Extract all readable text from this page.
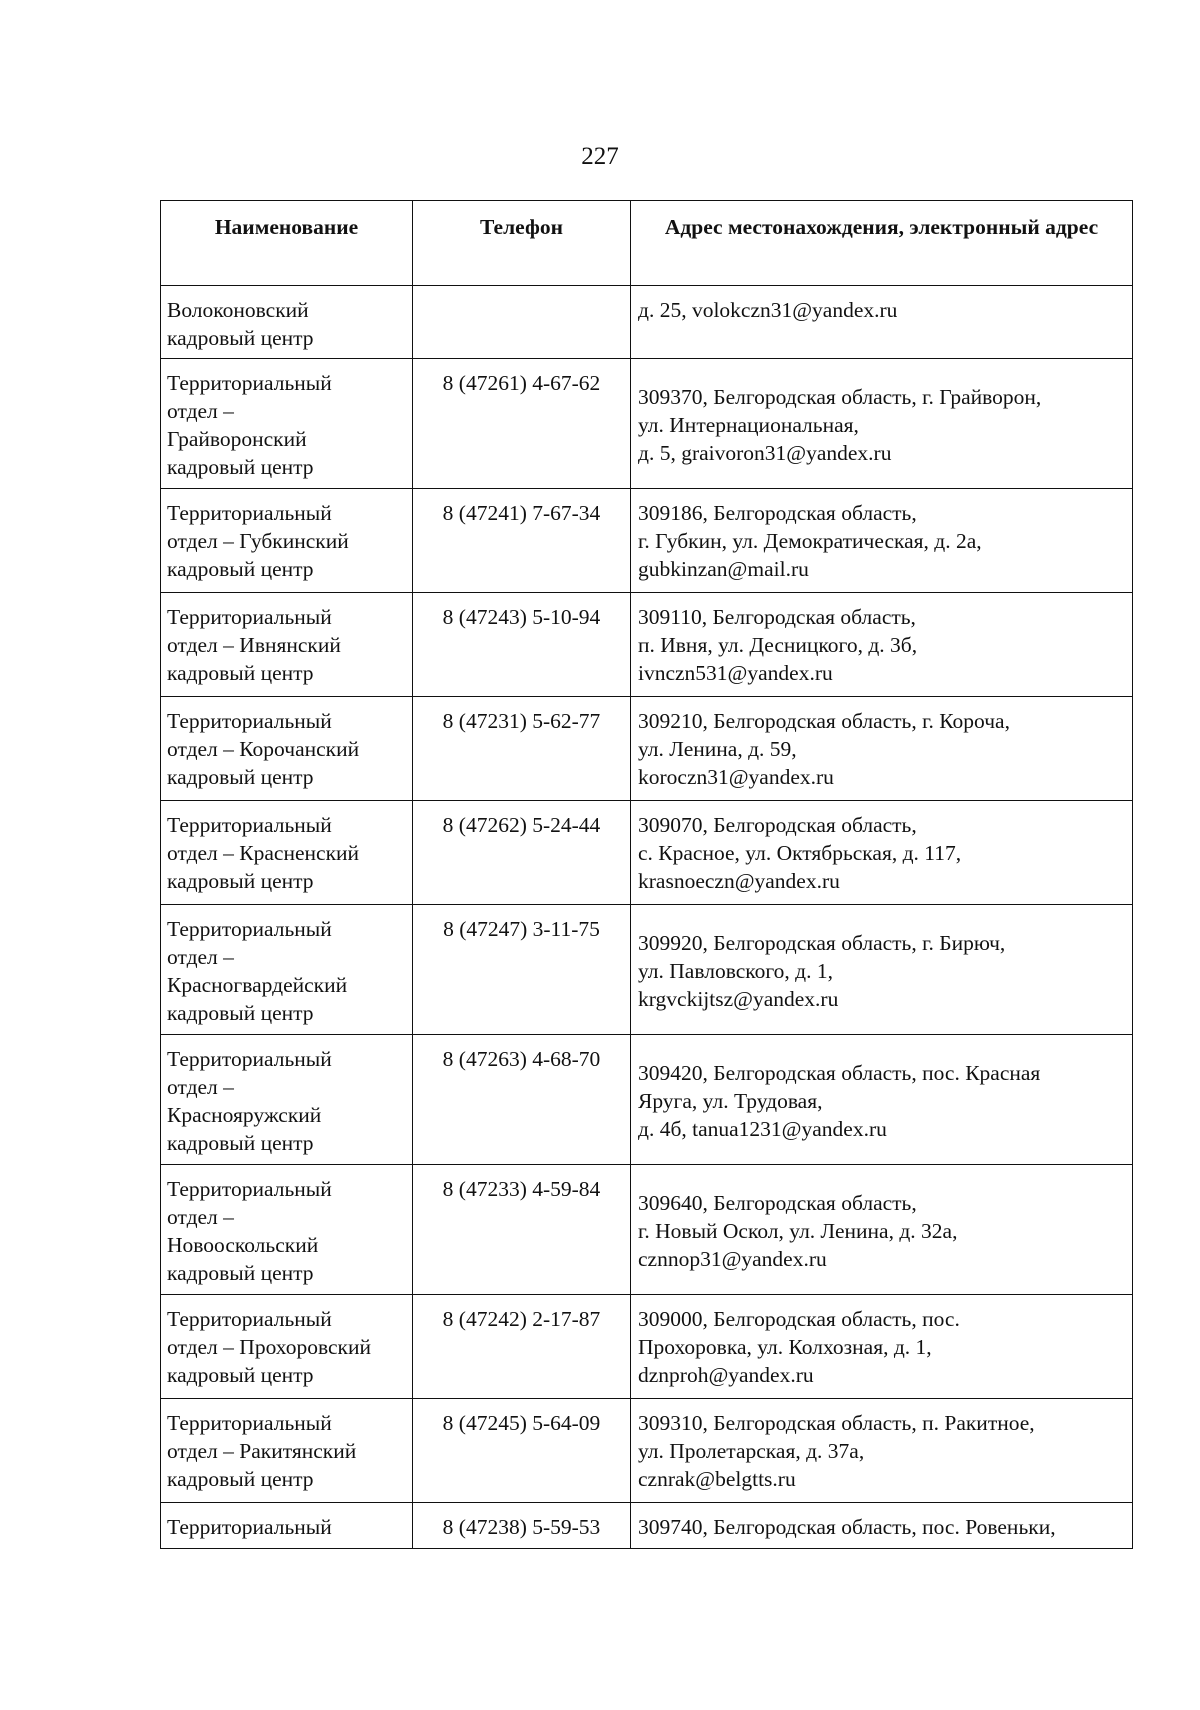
227
Наименование	Телефон	Адрес местонахождения, электронный адрес

Волоконовский
кадровый центр		д. 25, volokczn31@yandex.ru

Территориальный
отдел –
Грайворонский
кадровый центр	8 (47261) 4-67-62	309370, Белгородская область, г. Грайворон,
ул. Интернациональная,
д. 5, graivoron31@yandex.ru

Территориальный
отдел – Губкинский
кадровый центр	8 (47241) 7-67-34	309186, Белгородская область,
г. Губкин, ул. Демократическая, д. 2а,
gubkinzan@mail.ru

Территориальный
отдел – Ивнянский
кадровый центр	8 (47243) 5-10-94	309110, Белгородская область,
п. Ивня, ул. Десницкого, д. 3б,
ivnczn531@yandex.ru

Территориальный
отдел – Корочанский
кадровый центр	8 (47231) 5-62-77	309210, Белгородская область, г. Короча,
ул. Ленина, д. 59,
koroczn31@yandex.ru

Территориальный
отдел – Красненский
кадровый центр	8 (47262) 5-24-44	309070, Белгородская область,
с. Красное, ул. Октябрьская, д. 117,
krasnoeczn@yandex.ru

Территориальный
отдел –
Красногвардейский
кадровый центр	8 (47247) 3-11-75	309920, Белгородская область, г. Бирюч,
ул. Павловского, д. 1,
krgvckijtsz@yandex.ru

Территориальный
отдел –
Краснояружский
кадровый центр	8 (47263) 4-68-70	309420, Белгородская область, пос. Красная
Яруга, ул. Трудовая,
д. 4б, tanua1231@yandex.ru

Территориальный
отдел –
Новооскольский
кадровый центр	8 (47233) 4-59-84	309640, Белгородская область,
г. Новый Оскол, ул. Ленина, д. 32а,
cznnop31@yandex.ru

Территориальный
отдел – Прохоровский
кадровый центр	8 (47242) 2-17-87	309000, Белгородская область, пос.
Прохоровка, ул. Колхозная, д. 1,
dznproh@yandex.ru

Территориальный
отдел – Ракитянский
кадровый центр	8 (47245) 5-64-09	309310, Белгородская область, п. Ракитное,
ул. Пролетарская, д. 37а,
cznrak@belgtts.ru

Территориальный	8 (47238) 5-59-53	309740, Белгородская область, пос. Ровеньки,
